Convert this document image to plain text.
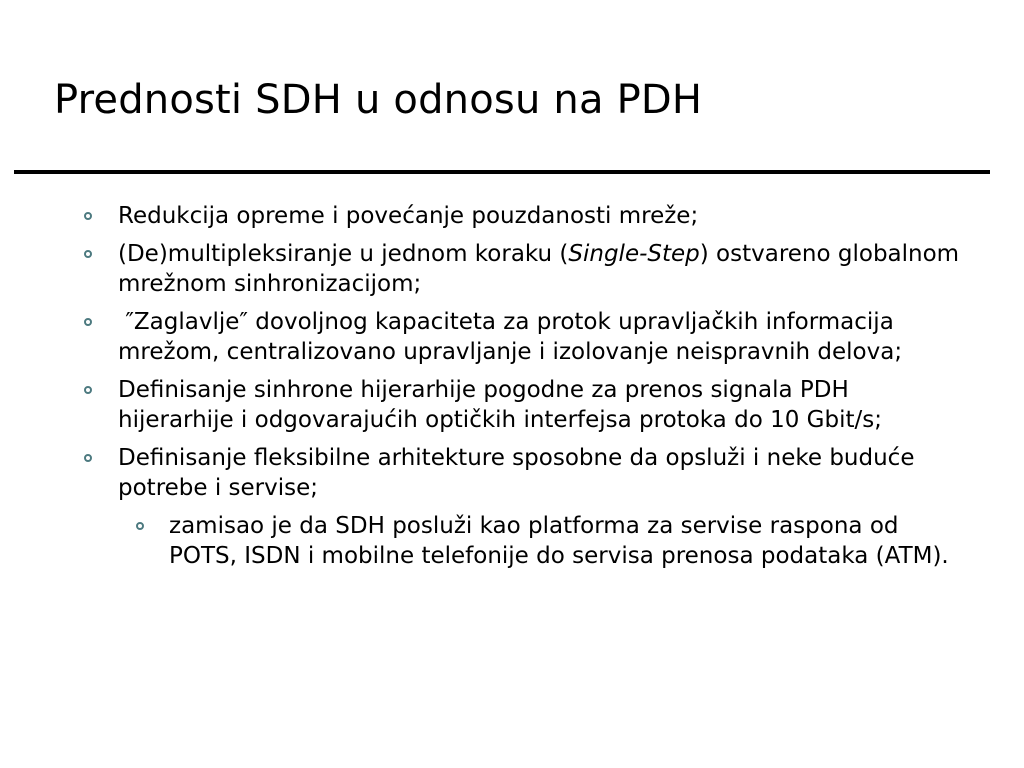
Prednosti SDH u odnosu na PDH
Redukcija opreme i povećanje pouzdanosti mreže;
(De)multipleksiranje u jednom koraku (Single-Step) ostvareno globalnom mrežnom sinhronizacijom;
″Zaglavlje″ dovoljnog kapaciteta za protok upravljačkih informacija mrežom, centralizovano upravljanje i izolovanje neispravnih delova;
Definisanje sinhrone hijerarhije pogodne za prenos signala PDH hijerarhije i odgovarajućih optičkih interfejsa protoka do 10 Gbit/s;
Definisanje fleksibilne arhitekture sposobne da opsluži i neke buduće potrebe i servise;
zamisao je da SDH posluži kao platforma za servise raspona od POTS, ISDN i mobilne telefonije do servisa prenosa podataka (ATM).
